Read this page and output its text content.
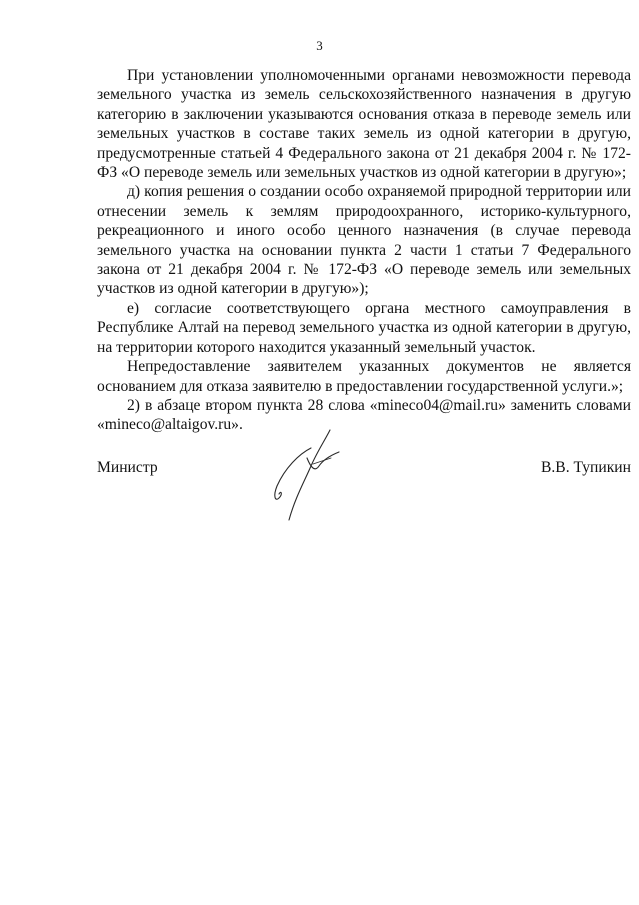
3

При установлении уполномоченными органами невозможности перевода земельного участка из земель сельскохозяйственного назначения в другую категорию в заключении указываются основания отказа в переводе земель или земельных участков в составе таких земель из одной категории в другую, предусмотренные статьей 4 Федерального закона от 21 декабря 2004 г. № 172-ФЗ «О переводе земель или земельных участков из одной категории в другую»;

д) копия решения о создании особо охраняемой природной территории или отнесении земель к землям природоохранного, историко-культурного, рекреационного и иного особо ценного назначения (в случае перевода земельного участка на основании пункта 2 части 1 статьи 7 Федерального закона от 21 декабря 2004 г. № 172-ФЗ «О переводе земель или земельных участков из одной категории в другую»);

е) согласие соответствующего органа местного самоуправления в Республике Алтай на перевод земельного участка из одной категории в другую, на территории которого находится указанный земельный участок.

Непредоставление заявителем указанных документов не является основанием для отказа заявителю в предоставлении государственной услуги.»;

2) в абзаце втором пункта 28 слова «mineco04@mail.ru» заменить словами «mineco@altaigov.ru».

Министр	В.В. Тупикин
